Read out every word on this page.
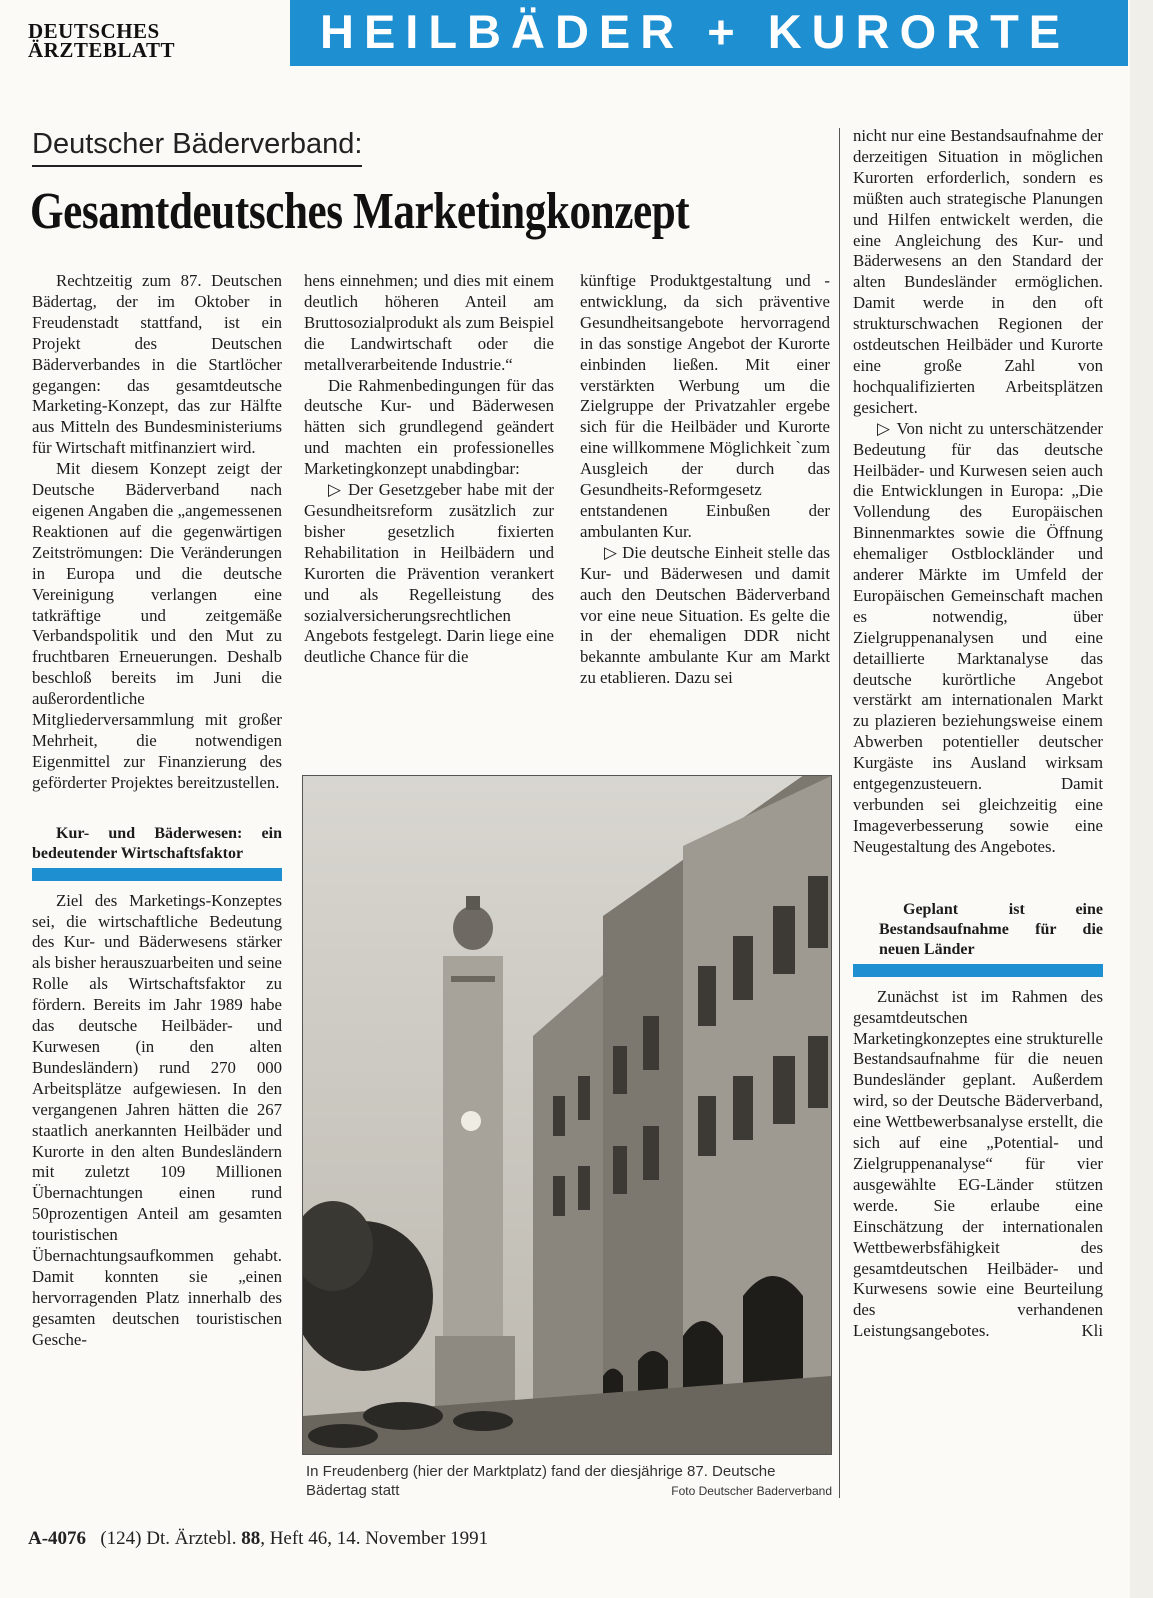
DEUTSCHES
ÄRZTEBLATT	HEILBÄDER + KURORTE
Deutscher Bäderverband:
Gesamtdeutsches Marketingkonzept

Rechtzeitig zum 87. Deutschen Bädertag, der im Oktober in Freudenstadt stattfand, ist ein Projekt des Deutschen Bäderverbandes in die Startlöcher gegangen: das gesamtdeutsche Marketing-Konzept, das zur Hälfte aus Mitteln des Bundesministeriums für Wirtschaft mitfinanziert wird.

Mit diesem Konzept zeigt der Deutsche Bäderverband nach eigenen Angaben die „angemessenen Reaktionen auf die gegenwärtigen Zeitströmungen: Die Veränderungen in Europa und die deutsche Vereinigung verlangen eine tatkräftige und zeitgemäße Verbandspolitik und den Mut zu fruchtbaren Erneuerungen. Deshalb beschloß bereits im Juni die außerordentliche Mitgliederversammlung mit großer Mehrheit, die notwendigen Eigenmittel zur Finanzierung des geförderter Projektes bereitzustellen.

Kur- und Bäderwesen: ein bedeutender Wirtschaftsfaktor

Ziel des Marketings-Konzeptes sei, die wirtschaftliche Bedeutung des Kur- und Bäderwesens stärker als bisher herauszuarbeiten und seine Rolle als Wirtschaftsfaktor zu fördern. Bereits im Jahr 1989 habe das deutsche Heilbäder- und Kurwesen (in den alten Bundesländern) rund 270 000 Arbeitsplätze aufgewiesen. In den vergangenen Jahren hätten die 267 staatlich anerkannten Heilbäder und Kurorte in den alten Bundesländern mit zuletzt 109 Millionen Übernachtungen einen rund 50prozentigen Anteil am gesamten touristischen Übernachtungsaufkommen gehabt. Damit konnten sie „einen hervorragenden Platz innerhalb des gesamten deutschen touristischen Gesche-

hens einnehmen; und dies mit einem deutlich höheren Anteil am Bruttosozialprodukt als zum Beispiel die Landwirtschaft oder die metallverarbeitende Industrie.“

Die Rahmenbedingungen für das deutsche Kur- und Bäderwesen hätten sich grundlegend geändert und machten ein professionelles Marketingkonzept unabdingbar:

▷ Der Gesetzgeber habe mit der Gesundheitsreform zusätzlich zur bisher gesetzlich fixierten Rehabilitation in Heilbädern und Kurorten die Prävention verankert und als Regelleistung des sozialversicherungsrechtlichen Angebots festgelegt. Darin liege eine deutliche Chance für die

künftige Produktgestaltung und -entwicklung, da sich präventive Gesundheitsangebote hervorragend in das sonstige Angebot der Kurorte einbinden ließen. Mit einer verstärkten Werbung um die Zielgruppe der Privatzahler ergebe sich für die Heilbäder und Kurorte eine willkommene Möglichkeit `zum Ausgleich der durch das Gesundheits-Reformgesetz entstandenen Einbußen der ambulanten Kur.

▷ Die deutsche Einheit stelle das Kur- und Bäderwesen und damit auch den Deutschen Bäderverband vor eine neue Situation. Es gelte die in der ehemaligen DDR nicht bekannte ambulante Kur am Markt zu etablieren. Dazu sei

nicht nur eine Bestandsaufnahme der derzeitigen Situation in möglichen Kurorten erforderlich, sondern es müßten auch strategische Planungen und Hilfen entwickelt werden, die eine Angleichung des Kur- und Bäderwesens an den Standard der alten Bundesländer ermöglichen. Damit werde in den oft strukturschwachen Regionen der ostdeutschen Heilbäder und Kurorte eine große Zahl von hochqualifizierten Arbeitsplätzen gesichert.

▷ Von nicht zu unterschätzender Bedeutung für das deutsche Heilbäder- und Kurwesen seien auch die Entwicklungen in Europa: „Die Vollendung des Europäischen Binnenmarktes sowie die Öffnung ehemaliger Ostblockländer und anderer Märkte im Umfeld der Europäischen Gemeinschaft machen es notwendig, über Zielgruppenanalysen und eine detaillierte Marktanalyse das deutsche kurörtliche Angebot verstärkt am internationalen Markt zu plazieren beziehungsweise einem Abwerben potentieller deutscher Kurgäste ins Ausland wirksam entgegenzusteuern. Damit verbunden sei gleichzeitig eine Imageverbesserung sowie eine Neugestaltung des Angebotes.

Geplant ist eine Bestandsaufnahme für die neuen Länder

Zunächst ist im Rahmen des gesamtdeutschen Marketingkonzeptes eine strukturelle Bestandsaufnahme für die neuen Bundesländer geplant. Außerdem wird, so der Deutsche Bäderverband, eine Wettbewerbsanalyse erstellt, die sich auf eine „Potential- und Zielgruppenanalyse“ für vier ausgewählte EG-Länder stützen werde. Sie erlaube eine Einschätzung der internationalen Wettbewerbsfähigkeit des gesamtdeutschen Heilbäder- und Kurwesens sowie eine Beurteilung des verhandenen Leistungsangebotes.	Kli

In Freudenberg (hier der Marktplatz) fand der diesjährige 87. Deutsche Bädertag statt	Foto Deutscher Baderverband
A-4076 (124) Dt. Ärztebl. 88, Heft 46, 14. November 1991
